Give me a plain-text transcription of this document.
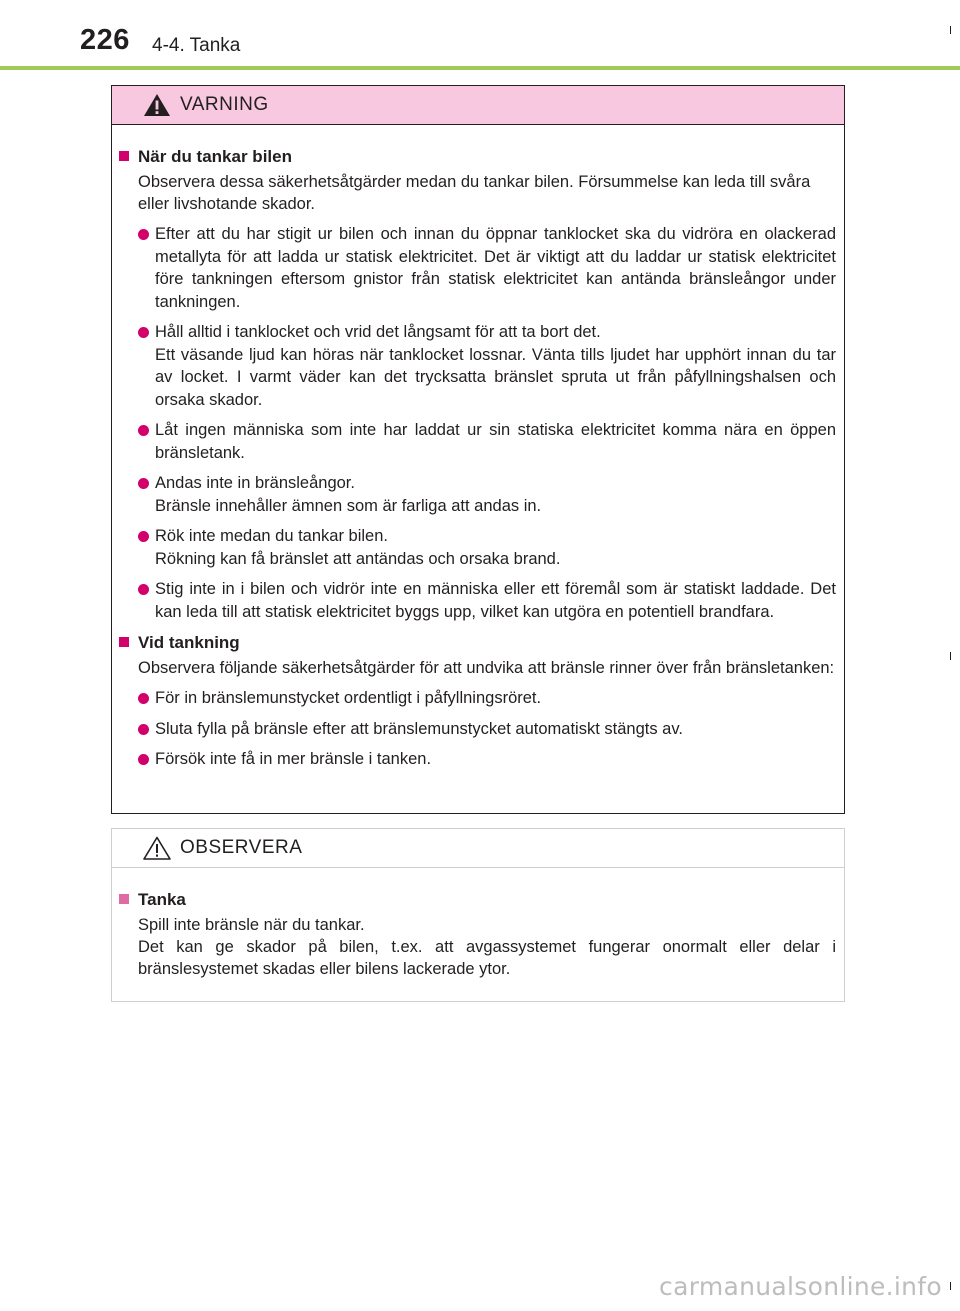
226 4-4. Tanka
VARNING
När du tankar bilen
Observera dessa säkerhetsåtgärder medan du tankar bilen. Försummelse kan leda till svåra eller livshotande skador.
Efter att du har stigit ur bilen och innan du öppnar tanklocket ska du vidröra en olackerad metallyta för att ladda ur statisk elektricitet. Det är viktigt att du laddar ur statisk elektricitet före tankningen eftersom gnistor från statisk elektricitet kan antända bränsleångor under tankningen.
Håll alltid i tanklocket och vrid det långsamt för att ta bort det.
Ett väsande ljud kan höras när tanklocket lossnar. Vänta tills ljudet har upphört innan du tar av locket. I varmt väder kan det trycksatta bränslet spruta ut från påfyllningshalsen och orsaka skador.
Låt ingen människa som inte har laddat ur sin statiska elektricitet komma nära en öppen bränsletank.
Andas inte in bränsleångor.
Bränsle innehåller ämnen som är farliga att andas in.
Rök inte medan du tankar bilen.
Rökning kan få bränslet att antändas och orsaka brand.
Stig inte in i bilen och vidrör inte en människa eller ett föremål som är statiskt laddade. Det kan leda till att statisk elektricitet byggs upp, vilket kan utgöra en potentiell brandfara.
Vid tankning
Observera följande säkerhetsåtgärder för att undvika att bränsle rinner över från bränsletanken:
För in bränslemunstycket ordentligt i påfyllningsröret.
Sluta fylla på bränsle efter att bränslemunstycket automatiskt stängts av.
Försök inte få in mer bränsle i tanken.
OBSERVERA
Tanka
Spill inte bränsle när du tankar.
Det kan ge skador på bilen, t.ex. att avgassystemet fungerar onormalt eller delar i bränslesystemet skadas eller bilens lackerade ytor.
carmanualsonline.info
